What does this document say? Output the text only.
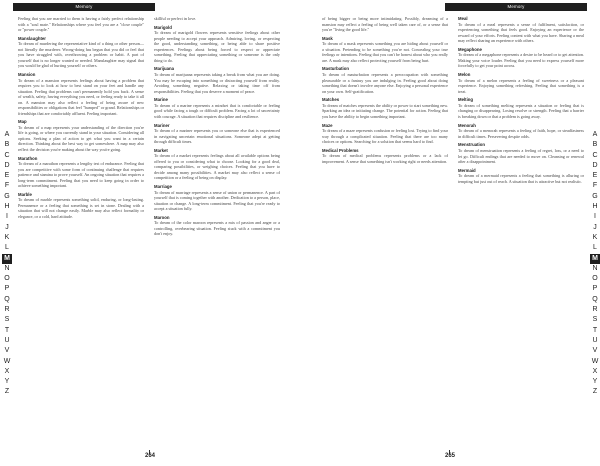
Memory
A
B
C
D
E
F
G
H
I
J
K
L
M
N
O
P
Q
R
S
T
U
V
W
X
Y
Z
Feeling that you are married to them is having a fairly perfect relationship with a "soul mate." Relationships where you feel you are a "close couple" or "power couple."
Manslaughter
To dream of murdering the representative kind of a thing or other person—not literally the murderer. Wrong-doing has begun that you did or feel that you have struggled with, overthrowing a problem or habit. A part of yourself that is no longer wanted or needed. Manslaughter may signal that you would be glad of hurting yourself or others.
Mansion
To dream of a mansion represents feelings about having a problem that requires you to look at how to best stand on your feet and handle any situation. Feeling that problems can't permanently hold you back. A sense of wealth, safety, having everything you need, or feeling ready to take it all on. A mansion may also reflect a feeling of being aware of new responsibilities or obligations that feel "bumped" or grand. Relationships or friendships that are comfortably affluent. Feeling important.
Map
To dream of a map represents your understanding of the direction you're life is going, or where you currently stand in your situation. Considering all options. Seeking a plan of action to get what you want in a certain direction. Thinking about the best way to get somewhere. A map may also reflect the decision you're making about the way you're going.
Marathon
To dream of a marathon represents a lengthy test of endurance. Feeling that you are competitive with some form of continuing challenge that requires patience and stamina to prove yourself. An ongoing situation that requires a long-term commitment. Feeling that you need to keep going in order to achieve something important.
Marble
To dream of marble represents something solid, enduring, or long-lasting. Permanence or a feeling that something is set in stone. Dealing with a situation that will not change easily. Marble may also reflect formality or elegance, or a cold, hard attitude.
skillful or perfect in love.
Marigold
To dream of marigold flowers represents sensitive feelings about other people needing to accept your approach. Admiring, loving, or respecting the good, understanding something, or being able to share positive experiences. Feelings about being forced to respect or appreciate something. Feeling that appreciating something or someone is the only thing to do.
Marijuana
To dream of marijuana represents taking a break from what you are doing. You may be escaping into something or distracting yourself from reality. Avoiding something negative. Relaxing or taking time off from responsibilities. Feeling that you deserve a moment of peace.
Marine
To dream of a marine represents a mindset that is comfortable or feeling good while facing a tough or difficult problem. Facing a lot of uncertainty with courage. A situation that requires discipline and resilience.
Mariner
To dream of a mariner represents you or someone else that is experienced in navigating uncertain emotional situations. Someone adept at getting through difficult times.
Market
To dream of a market represents feelings about all available options being offered to you or considering what to choose. Looking for a good deal, comparing possibilities, or weighing choices. Feeling that you have to decide among many possibilities. A market may also reflect a sense of competition or a feeling of being on display.
Marriage
To dream of marriage represents a sense of union or permanence. A part of yourself that is coming together with another. Dedication to a person, place, situation or change. A long-term commitment. Feeling that you're ready to accept a situation fully.
Maroon
To dream of the color maroon represents a mix of passion and anger or a controlling, overbearing situation. Feeling stuck with a commitment you don't enjoy.
264
Memory
A
B
C
D
E
F
G
H
I
J
K
L
M
N
O
P
Q
R
S
T
U
V
W
X
Y
Z
of being bigger or being more intimidating. Possibly, dreaming of a mansion may reflect a feeling of being well taken care of, or a sense that you're "living the good life."
Mask
To dream of a mask represents something you are hiding about yourself or a situation. Pretending to be something you're not. Concealing your true feelings or intentions. Feeling that you can't be honest about who you really are. A mask may also reflect protecting yourself from being hurt.
Masturbation
To dream of masturbation represents a preoccupation with something pleasurable or a fantasy you are indulging in. Feeling good about doing something that doesn't involve anyone else. Enjoying a personal experience on your own. Self-gratification.
Matches
To dream of matches represents the ability or power to start something new. Sparking an idea or initiating change. The potential for action. Feeling that you have the ability to begin something important.
Maze
To dream of a maze represents confusion or feeling lost. Trying to find your way through a complicated situation. Feeling that there are too many choices or options. Searching for a solution that seems hard to find.
Medical Problems
To dream of medical problems represents problems or a lack of improvement. A sense that something isn't working right or needs attention.
Meal
To dream of a meal represents a sense of fulfilment, satisfaction, or experiencing something that feels good. Enjoying an experience or the reward of your efforts. Feeling content with what you have. Sharing a meal may reflect sharing an experience with others.
Megaphone
To dream of a megaphone represents a desire to be heard or to get attention. Making your voice louder. Feeling that you need to express yourself more forcefully to get your point across.
Melon
To dream of a melon represents a feeling of sweetness or a pleasant experience. Enjoying something refreshing. Feeling that something is a treat.
Melting
To dream of something melting represents a situation or feeling that is changing or disappearing. Losing resolve or strength. Feeling that a barrier is breaking down or that a problem is going away.
Menorah
To dream of a menorah represents a feeling of faith, hope, or steadfastness in difficult times. Persevering despite odds.
Menstruation
To dream of menstruation represents a feeling of regret, loss, or a need to let go. Difficult endings that are needed to move on. Cleansing or renewal after a disappointment.
Mermaid
To dream of a mermaid represents a feeling that something is alluring or tempting but just out of reach. A situation that is attractive but not realistic.
265
